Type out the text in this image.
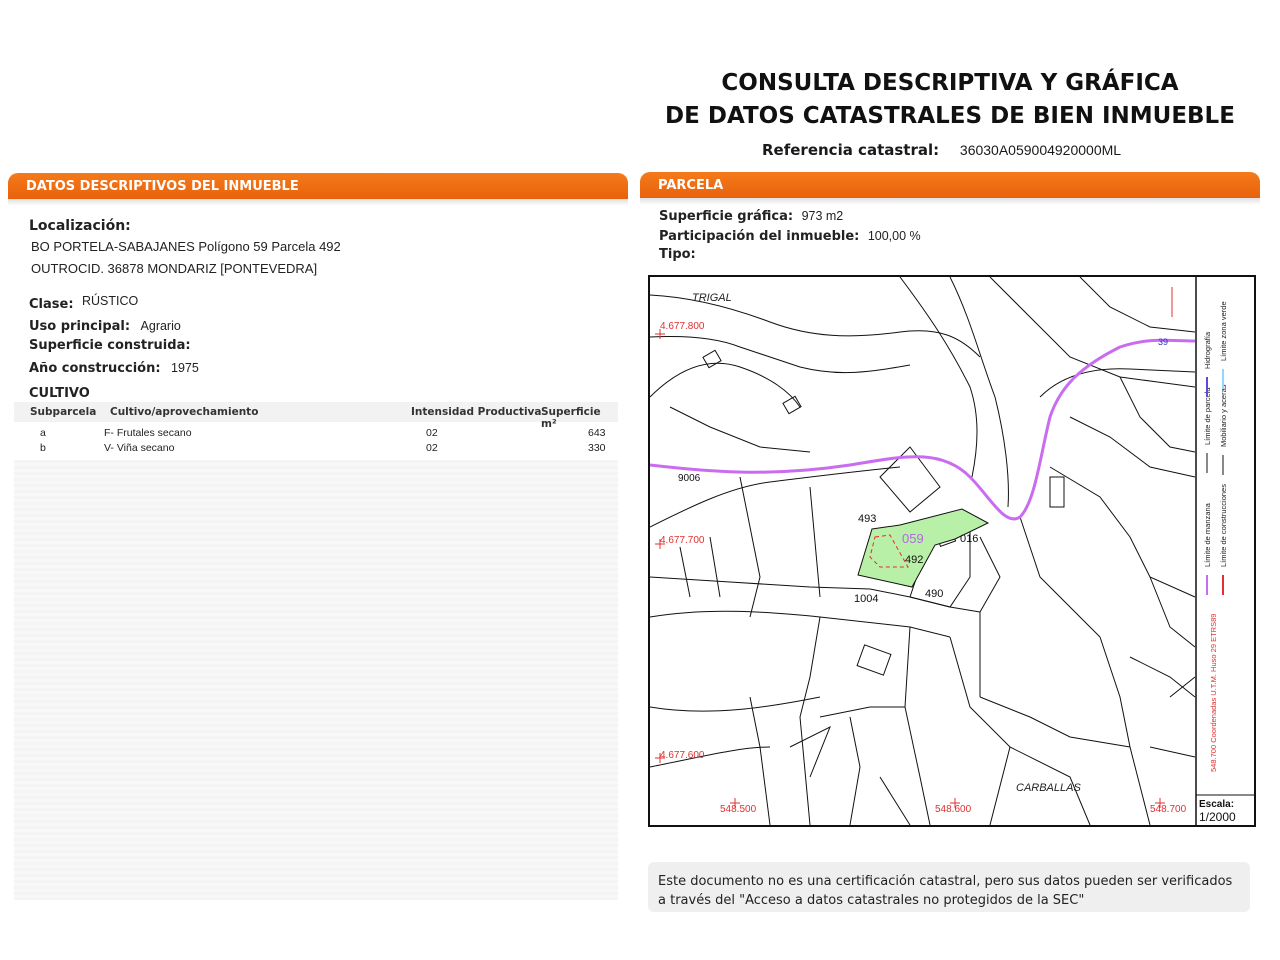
CONSULTA DESCRIPTIVA Y GRÁFICA
DE DATOS CATASTRALES DE BIEN INMUEBLE
Referencia catastral: 36030A059004920000ML
DATOS DESCRIPTIVOS DEL INMUEBLE	PARCELA
Localización:
BO PORTELA-SABAJANES Polígono 59 Parcela 492
OUTROCID. 36878 MONDARIZ [PONTEVEDRA]
Clase: RÚSTICO
Uso principal: Agrario
Superficie construida:
Año construcción: 1975
CULTIVO
Subparcela Cultivo/aprovechamiento	Intensidad Productiva Superficie m²
a	F- Frutales secano	02	643
b	V- Viña secano	02	330
Superficie gráfica: 973 m2
Participación del inmueble: 100,00 %
Tipo:
TRIGAL
CARBALLAS
4.677.800
4.677.700
4.677.600
548.500	548.600	548.700
493
059
492
016
490
1004
9006
39	Hidrografía Límite zona verde
Límite de parcela Mobiliario y aceras
Límite de manzana Límite de construcciones
548.700 Coordenadas U.T.M. Huso 29 ETRS89
Escala:
1/2000
Este documento no es una certificación catastral, pero sus datos pueden ser verificados a través del "Acceso a datos catastrales no protegidos de la SEC"
